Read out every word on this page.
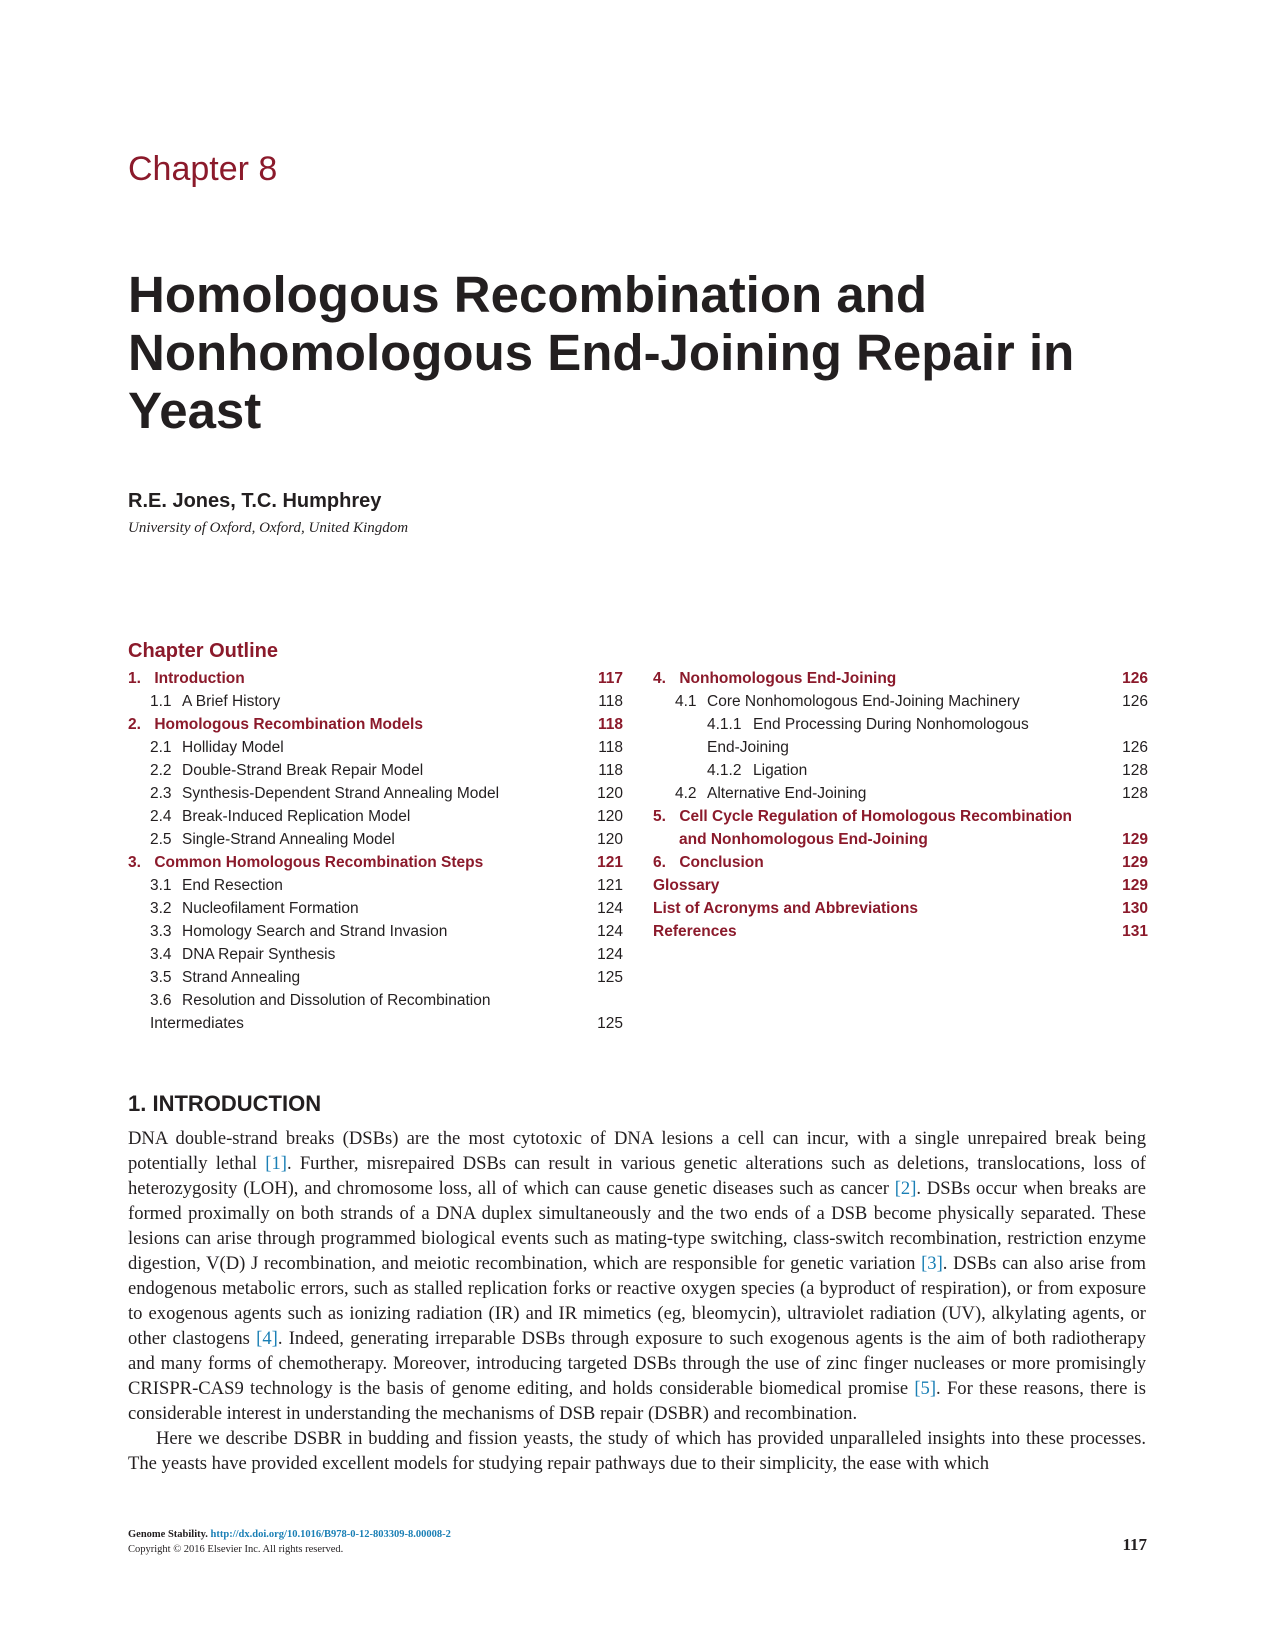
Chapter 8
Homologous Recombination and Nonhomologous End-Joining Repair in Yeast
R.E. Jones, T.C. Humphrey
University of Oxford, Oxford, United Kingdom
Chapter Outline
1. Introduction	117
1.1 A Brief History	118
2. Homologous Recombination Models	118
2.1 Holliday Model	118
2.2 Double-Strand Break Repair Model	118
2.3 Synthesis-Dependent Strand Annealing Model	120
2.4 Break-Induced Replication Model	120
2.5 Single-Strand Annealing Model	120
3. Common Homologous Recombination Steps	121
3.1 End Resection	121
3.2 Nucleofilament Formation	124
3.3 Homology Search and Strand Invasion	124
3.4 DNA Repair Synthesis	124
3.5 Strand Annealing	125
3.6 Resolution and Dissolution of Recombination
Intermediates	125
4. Nonhomologous End-Joining	126
4.1 Core Nonhomologous End-Joining Machinery	126
4.1.1 End Processing During Nonhomologous
End-Joining	126
4.1.2 Ligation	128
4.2 Alternative End-Joining	128
5. Cell Cycle Regulation of Homologous Recombination
and Nonhomologous End-Joining	129
6. Conclusion	129
Glossary	129
List of Acronyms and Abbreviations	130
References	131
1. INTRODUCTION

DNA double-strand breaks (DSBs) are the most cytotoxic of DNA lesions a cell can incur, with a single unrepaired break being potentially lethal [1]. Further, misrepaired DSBs can result in various genetic alterations such as deletions, translocations, loss of heterozygosity (LOH), and chromosome loss, all of which can cause genetic diseases such as cancer [2]. DSBs occur when breaks are formed proximally on both strands of a DNA duplex simultaneously and the two ends of a DSB become physically separated. These lesions can arise through programmed biological events such as mating-type switching, class-switch recombination, restriction enzyme digestion, V(D) J recombination, and meiotic recombination, which are responsible for genetic variation [3]. DSBs can also arise from endogenous metabolic errors, such as stalled replication forks or reactive oxygen species (a byproduct of respiration), or from exposure to exogenous agents such as ionizing radiation (IR) and IR mimetics (eg, bleomycin), ultraviolet radiation (UV), alkylating agents, or other clastogens [4]. Indeed, generating irreparable DSBs through exposure to such exogenous agents is the aim of both radiotherapy and many forms of chemotherapy. Moreover, introducing targeted DSBs through the use of zinc finger nucleases or more promisingly CRISPR-CAS9 technology is the basis of genome editing, and holds considerable biomedical promise [5]. For these reasons, there is considerable interest in understanding the mechanisms of DSB repair (DSBR) and recombination.

Here we describe DSBR in budding and fission yeasts, the study of which has provided unparalleled insights into these processes. The yeasts have provided excellent models for studying repair pathways due to their simplicity, the ease with which

Genome Stability. http://dx.doi.org/10.1016/B978-0-12-803309-8.00008-2
Copyright © 2016 Elsevier Inc. All rights reserved.	117
